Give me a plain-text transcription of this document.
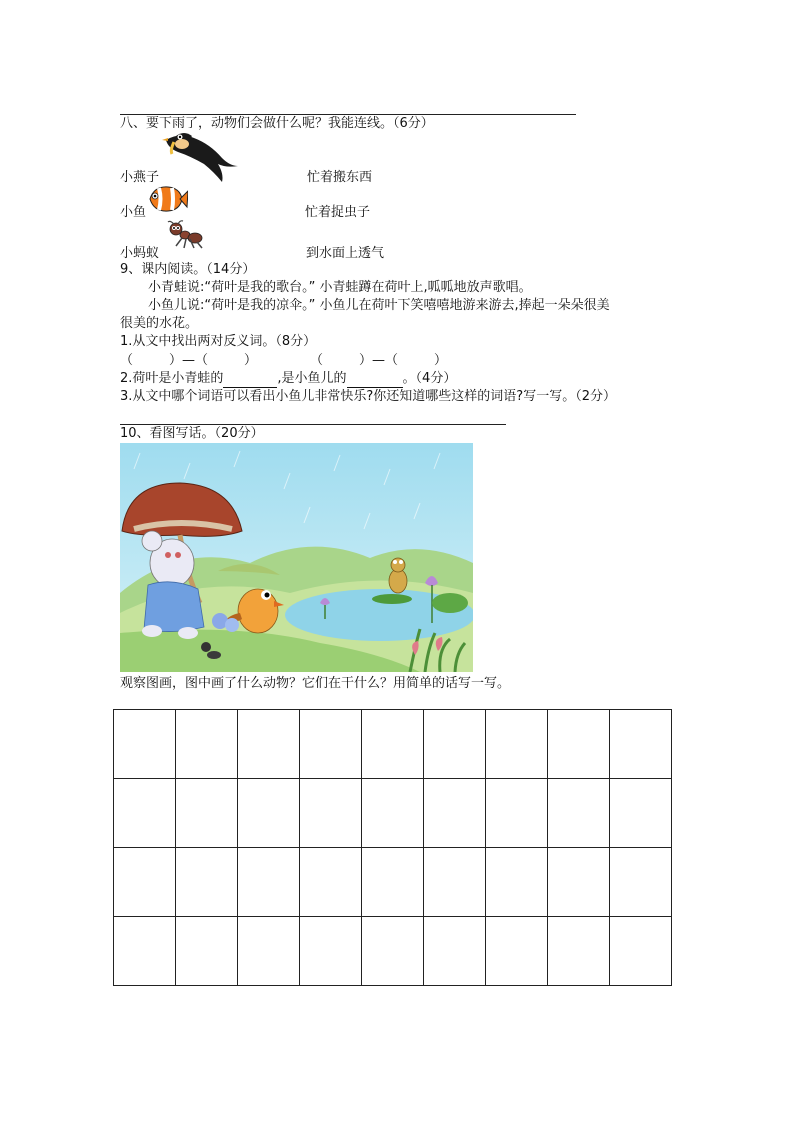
八、要下雨了，动物们会做什么呢？我能连线。（6分）
小燕子	忙着搬东西
小鱼	忙着捉虫子
小蚂蚁	到水面上透气
9、课内阅读。（14分）
小青蛙说:“荷叶是我的歌台。” 小青蛙蹲在荷叶上,呱呱地放声歌唱。
小鱼儿说:“荷叶是我的凉伞。” 小鱼儿在荷叶下笑嘻嘻地游来游去,捧起一朵朵很美
很美的水花。
1.从文中找出两对反义词。（8分）
（	）—（	）	（	）—（	）
2.荷叶是小青蛙的	,是小鱼儿的	。（4分）
3.从文中哪个词语可以看出小鱼儿非常快乐?你还知道哪些这样的词语?写一写。（2分）
10、看图写话。（20分）
观察图画，图中画了什么动物？它们在干什么？用简单的话写一写。
